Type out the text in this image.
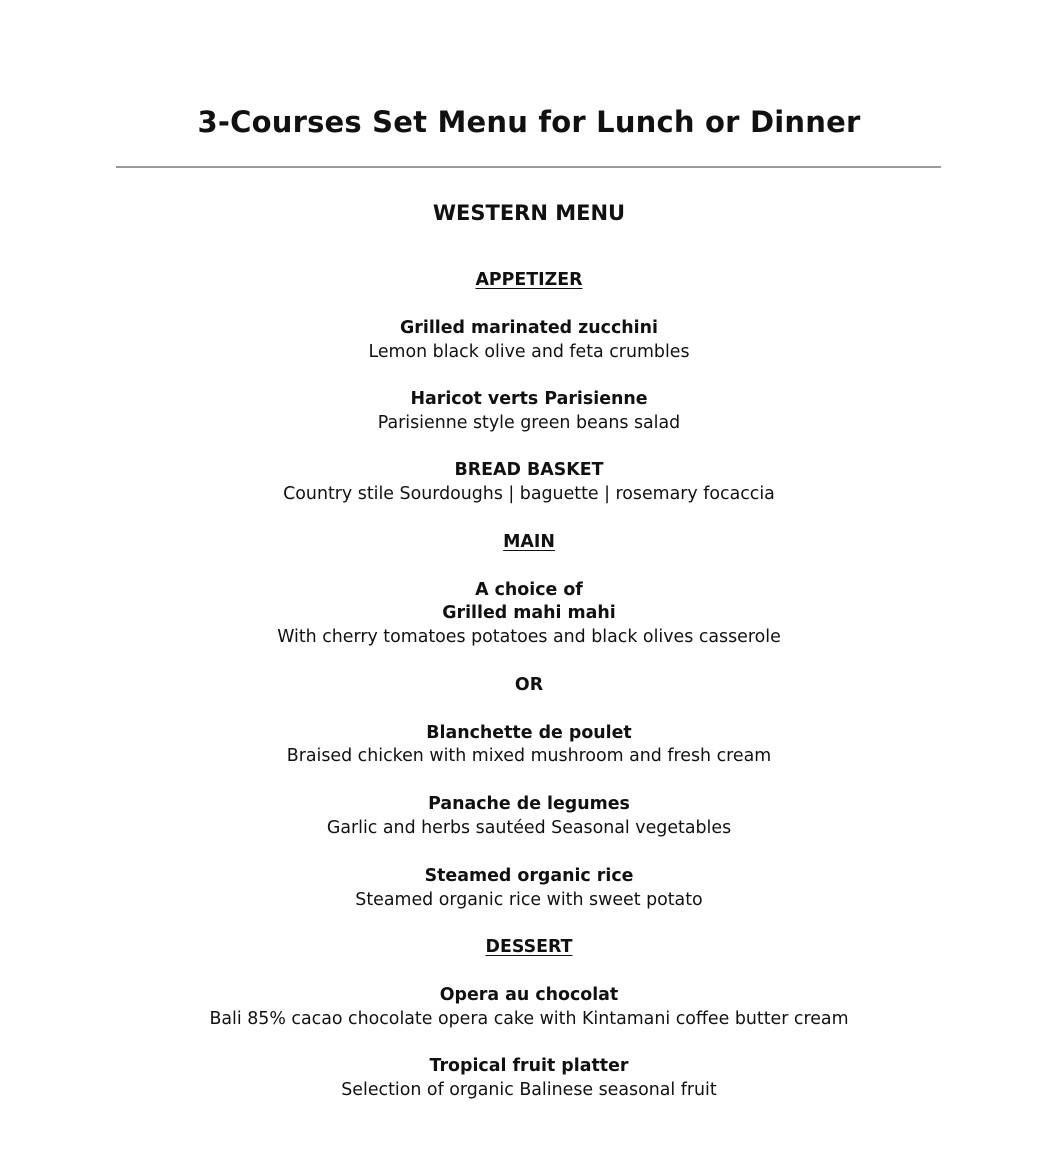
3-Courses Set Menu for Lunch or Dinner
WESTERN MENU
APPETIZER
Grilled marinated zucchini
Lemon black olive and feta crumbles
Haricot verts Parisienne
Parisienne style green beans salad
BREAD BASKET
Country stile Sourdoughs | baguette | rosemary focaccia
MAIN
A choice of
Grilled mahi mahi
With cherry tomatoes potatoes and black olives casserole
OR
Blanchette de poulet
Braised chicken with mixed mushroom and fresh cream
Panache de legumes
Garlic and herbs sautéed Seasonal vegetables
Steamed organic rice
Steamed organic rice with sweet potato
DESSERT
Opera au chocolat
Bali 85% cacao chocolate opera cake with Kintamani coffee butter cream
Tropical fruit platter
Selection of organic Balinese seasonal fruit
